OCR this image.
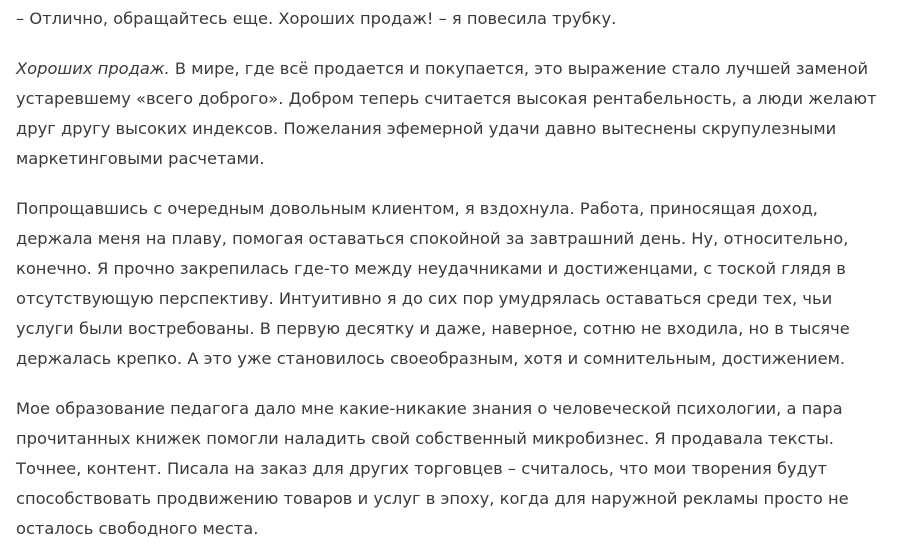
– Отлично, обращайтесь еще. Хороших продаж! – я повесила трубку.

Хороших продаж. В мире, где всё продается и покупается, это выражение стало лучшей заменой устаревшему «всего доброго». Добром теперь считается высокая рентабельность, а люди желают друг другу высоких индексов. Пожелания эфемерной удачи давно вытеснены скрупулезными маркетинговыми расчетами.

Попрощавшись с очередным довольным клиентом, я вздохнула. Работа, приносящая доход, держала меня на плаву, помогая оставаться спокойной за завтрашний день. Ну, относительно, конечно. Я прочно закрепилась где-то между неудачниками и достиженцами, с тоской глядя в отсутствующую перспективу. Интуитивно я до сих пор умудрялась оставаться среди тех, чьи услуги были востребованы. В первую десятку и даже, наверное, сотню не входила, но в тысяче держалась крепко. А это уже становилось своеобразным, хотя и сомнительным, достижением.

Мое образование педагога дало мне какие-никакие знания о человеческой психологии, а пара прочитанных книжек помогли наладить свой собственный микробизнес. Я продавала тексты. Точнее, контент. Писала на заказ для других торговцев – считалось, что мои творения будут способствовать продвижению товаров и услуг в эпоху, когда для наружной рекламы просто не осталось свободного места.
